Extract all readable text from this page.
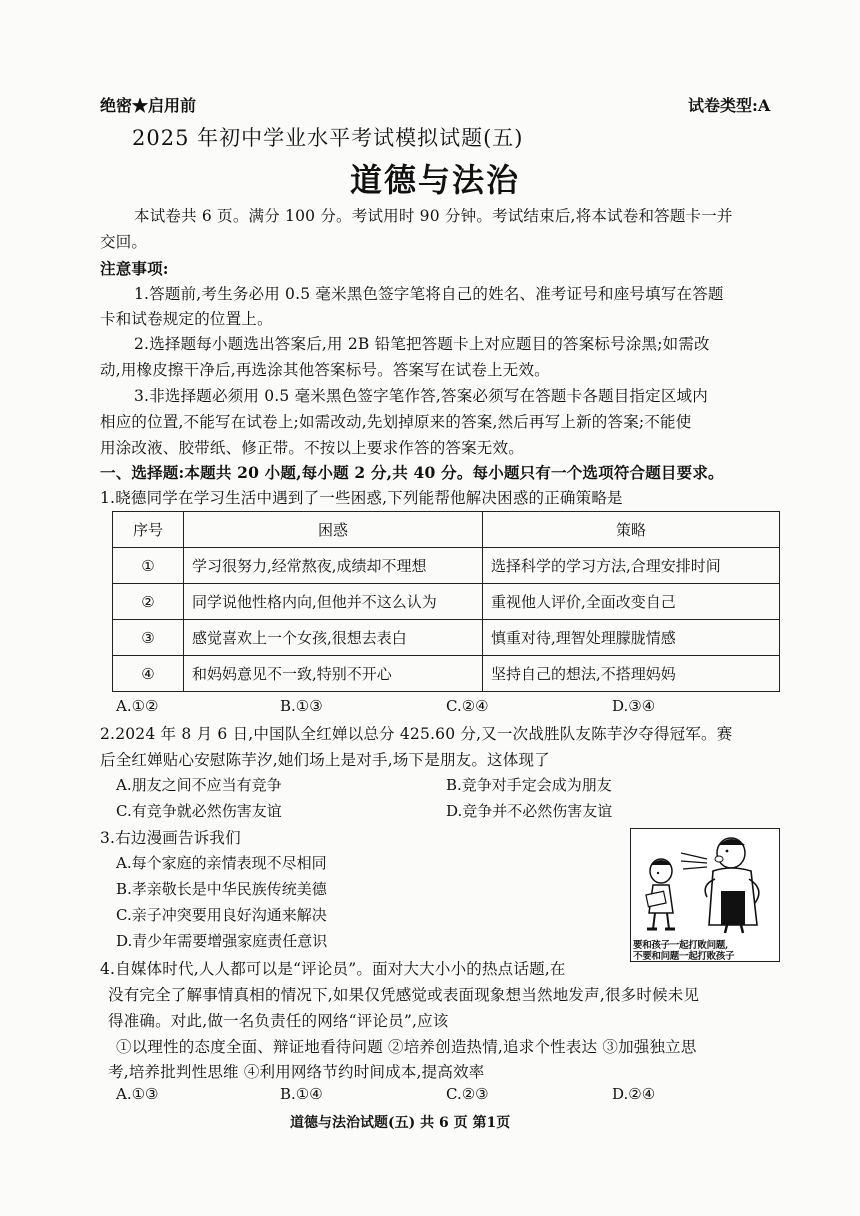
绝密★启用前	试卷类型:A
2025 年初中学业水平考试模拟试题(五)
道德与法治
本试卷共 6 页。满分 100 分。考试用时 90 分钟。考试结束后,将本试卷和答题卡一并
交回。
注意事项:
1.答题前,考生务必用 0.5 毫米黑色签字笔将自己的姓名、准考证号和座号填写在答题
卡和试卷规定的位置上。
2.选择题每小题选出答案后,用 2B 铅笔把答题卡上对应题目的答案标号涂黑;如需改
动,用橡皮擦干净后,再选涂其他答案标号。答案写在试卷上无效。
3.非选择题必须用 0.5 毫米黑色签字笔作答,答案必须写在答题卡各题目指定区域内
相应的位置,不能写在试卷上;如需改动,先划掉原来的答案,然后再写上新的答案;不能使
用涂改液、胶带纸、修正带。不按以上要求作答的答案无效。
一、选择题:本题共 20 小题,每小题 2 分,共 40 分。每小题只有一个选项符合题目要求。
1.晓德同学在学习生活中遇到了一些困惑,下列能帮他解决困惑的正确策略是
序号	困惑	策略
①	学习很努力,经常熬夜,成绩却不理想	选择科学的学习方法,合理安排时间
②	同学说他性格内向,但他并不这么认为	重视他人评价,全面改变自己
③	感觉喜欢上一个女孩,很想去表白	慎重对待,理智处理朦胧情感
④	和妈妈意见不一致,特别不开心	坚持自己的想法,不搭理妈妈
A.①②	B.①③	C.②④	D.③④
2.2024 年 8 月 6 日,中国队全红婵以总分 425.60 分,又一次战胜队友陈芋汐夺得冠军。赛
后全红婵贴心安慰陈芋汐,她们场上是对手,场下是朋友。这体现了
A.朋友之间不应当有竞争	B.竞争对手定会成为朋友
C.有竞争就必然伤害友谊	D.竞争并不必然伤害友谊
3.右边漫画告诉我们
A.每个家庭的亲情表现不尽相同
B.孝亲敬长是中华民族传统美德
C.亲子冲突要用良好沟通来解决
D.青少年需要增强家庭责任意识	要和孩子一起打败问题,
不要和问题一起打败孩子
4.自媒体时代,人人都可以是“评论员”。面对大大小小的热点话题,在
没有完全了解事情真相的情况下,如果仅凭感觉或表面现象想当然地发声,很多时候未见
得准确。对此,做一名负责任的网络“评论员”,应该
①以理性的态度全面、辩证地看待问题 ②培养创造热情,追求个性表达 ③加强独立思
考,培养批判性思维 ④利用网络节约时间成本,提高效率
A.①③	B.①④	C.②③	D.②④
道德与法治试题(五) 共 6 页 第1页
